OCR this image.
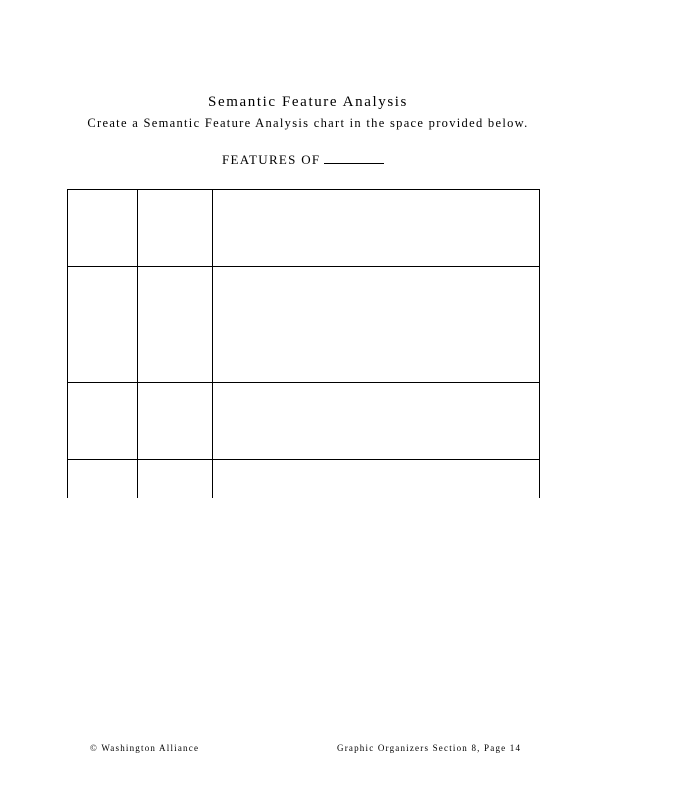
Semantic Feature Analysis
Create a Semantic Feature Analysis chart in the space provided below.
FEATURES OF
© Washington Alliance	Graphic Organizers Section 8, Page 14
